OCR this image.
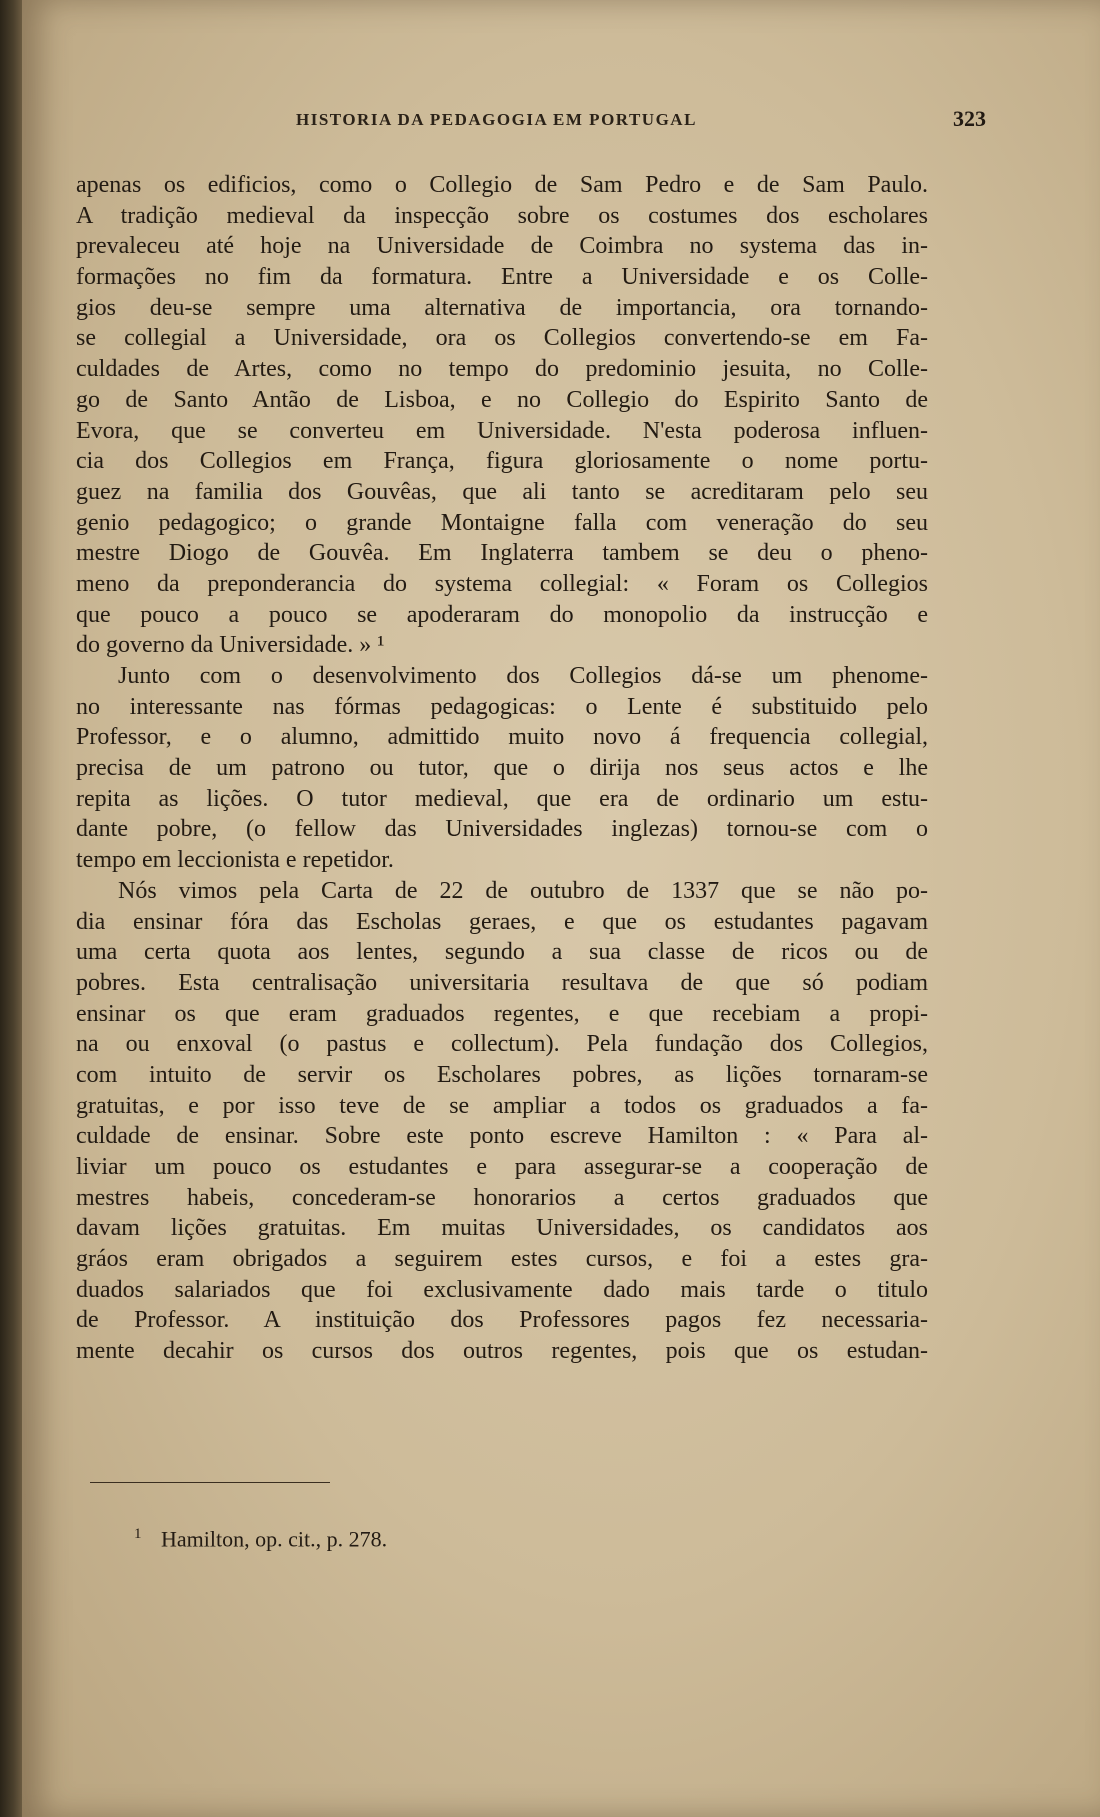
HISTORIA DA PEDAGOGIA EM PORTUGAL	323
apenas os edificios, como o Collegio de Sam Pedro e de Sam Paulo.
A tradição medieval da inspecção sobre os costumes dos escholares
prevaleceu até hoje na Universidade de Coimbra no systema das in-
formações no fim da formatura. Entre a Universidade e os Colle-
gios deu-se sempre uma alternativa de importancia, ora tornando-
se collegial a Universidade, ora os Collegios convertendo-se em Fa-
culdades de Artes, como no tempo do predominio jesuita, no Colle-
go de Santo Antão de Lisboa, e no Collegio do Espirito Santo de
Evora, que se converteu em Universidade. N'esta poderosa influen-
cia dos Collegios em França, figura gloriosamente o nome portu-
guez na familia dos Gouvêas, que ali tanto se acreditaram pelo seu
genio pedagogico; o grande Montaigne falla com veneração do seu
mestre Diogo de Gouvêa. Em Inglaterra tambem se deu o pheno-
meno da preponderancia do systema collegial: « Foram os Collegios
que pouco a pouco se apoderaram do monopolio da instrucção e
do governo da Universidade. » ¹
Junto com o desenvolvimento dos Collegios dá-se um phenome-
no interessante nas fórmas pedagogicas: o Lente é substituido pelo
Professor, e o alumno, admittido muito novo á frequencia collegial,
precisa de um patrono ou tutor, que o dirija nos seus actos e lhe
repita as lições. O tutor medieval, que era de ordinario um estu-
dante pobre, (o fellow das Universidades inglezas) tornou-se com o
tempo em leccionista e repetidor.
Nós vimos pela Carta de 22 de outubro de 1337 que se não po-
dia ensinar fóra das Escholas geraes, e que os estudantes pagavam
uma certa quota aos lentes, segundo a sua classe de ricos ou de
pobres. Esta centralisação universitaria resultava de que só podiam
ensinar os que eram graduados regentes, e que recebiam a propi-
na ou enxoval (o pastus e collectum). Pela fundação dos Collegios,
com intuito de servir os Escholares pobres, as lições tornaram-se
gratuitas, e por isso teve de se ampliar a todos os graduados a fa-
culdade de ensinar. Sobre este ponto escreve Hamilton : « Para al-
liviar um pouco os estudantes e para assegurar-se a cooperação de
mestres habeis, concederam-se honorarios a certos graduados que
davam lições gratuitas. Em muitas Universidades, os candidatos aos
gráos eram obrigados a seguirem estes cursos, e foi a estes gra-
duados salariados que foi exclusivamente dado mais tarde o titulo
de Professor. A instituição dos Professores pagos fez necessaria-
mente decahir os cursos dos outros regentes, pois que os estudan-
$^1$ Hamilton, op. cit., p. 278.
